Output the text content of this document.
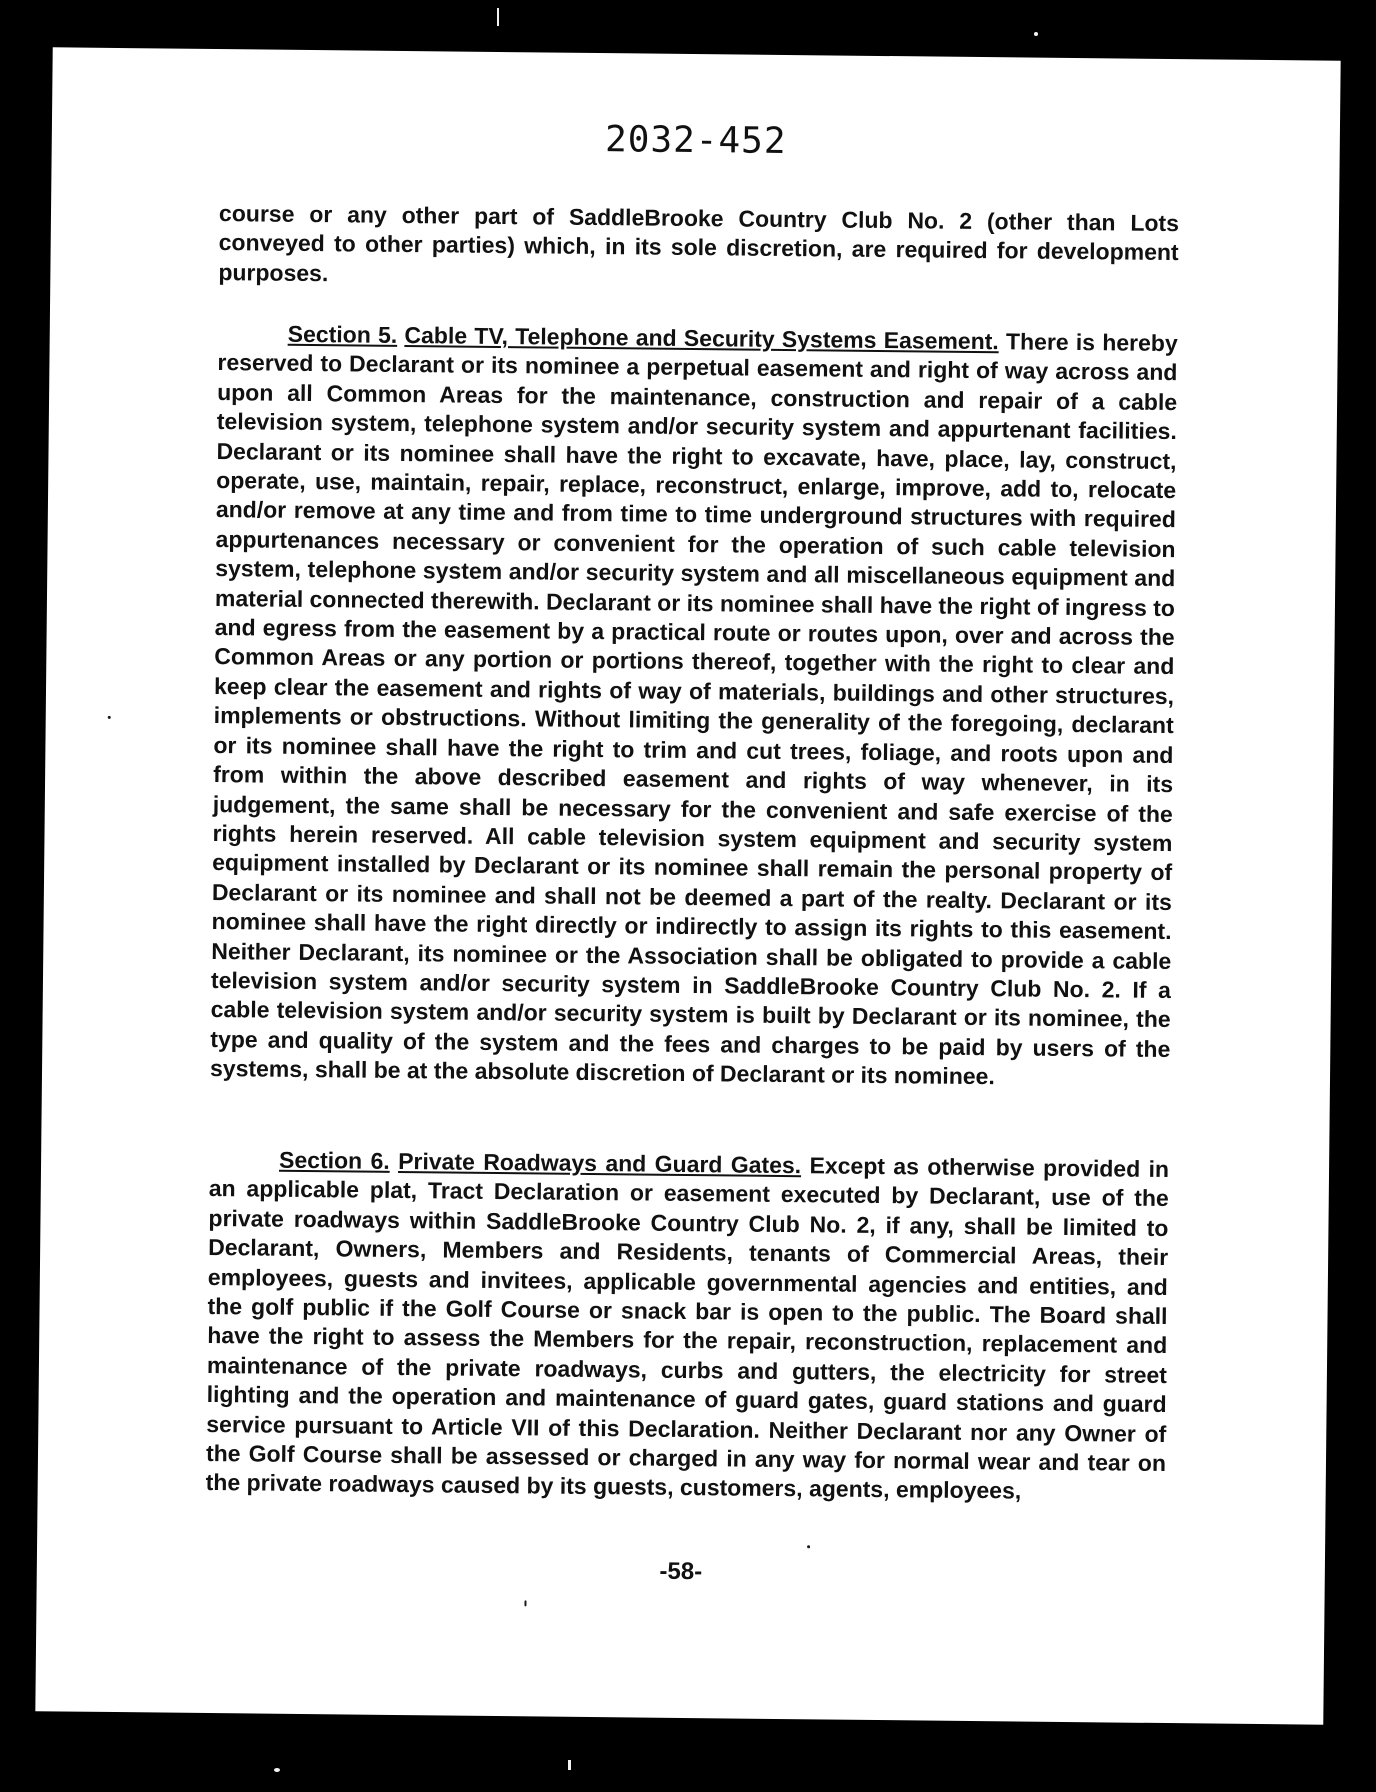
2032-452

course or any other part of SaddleBrooke Country Club No. 2 (other than Lots conveyed to other parties) which, in its sole discretion, are required for development purposes.

Section 5. Cable TV, Telephone and Security Systems Easement. There is hereby reserved to Declarant or its nominee a perpetual easement and right of way across and upon all Common Areas for the maintenance, construction and repair of a cable television system, telephone system and/or security system and appurtenant facilities. Declarant or its nominee shall have the right to excavate, have, place, lay, construct, operate, use, maintain, repair, replace, reconstruct, enlarge, improve, add to, relocate and/or remove at any time and from time to time underground structures with required appurtenances necessary or convenient for the operation of such cable television system, telephone system and/or security system and all miscellaneous equipment and material connected therewith. Declarant or its nominee shall have the right of ingress to and egress from the easement by a practical route or routes upon, over and across the Common Areas or any portion or portions thereof, together with the right to clear and keep clear the easement and rights of way of materials, buildings and other structures, implements or obstructions. Without limiting the generality of the foregoing, declarant or its nominee shall have the right to trim and cut trees, foliage, and roots upon and from within the above described easement and rights of way whenever, in its judgement, the same shall be necessary for the convenient and safe exercise of the rights herein reserved. All cable television system equipment and security system equipment installed by Declarant or its nominee shall remain the personal property of Declarant or its nominee and shall not be deemed a part of the realty. Declarant or its nominee shall have the right directly or indirectly to assign its rights to this easement. Neither Declarant, its nominee or the Association shall be obligated to provide a cable television system and/or security system in SaddleBrooke Country Club No. 2. If a cable television system and/or security system is built by Declarant or its nominee, the type and quality of the system and the fees and charges to be paid by users of the systems, shall be at the absolute discretion of Declarant or its nominee.

Section 6. Private Roadways and Guard Gates. Except as otherwise provided in an applicable plat, Tract Declaration or easement executed by Declarant, use of the private roadways within SaddleBrooke Country Club No. 2, if any, shall be limited to Declarant, Owners, Members and Residents, tenants of Commercial Areas, their employees, guests and invitees, applicable governmental agencies and entities, and the golf public if the Golf Course or snack bar is open to the public. The Board shall have the right to assess the Members for the repair, reconstruction, replacement and maintenance of the private roadways, curbs and gutters, the electricity for street lighting and the operation and maintenance of guard gates, guard stations and guard service pursuant to Article VII of this Declaration. Neither Declarant nor any Owner of the Golf Course shall be assessed or charged in any way for normal wear and tear on the private roadways caused by its guests, customers, agents, employees,

-58-
